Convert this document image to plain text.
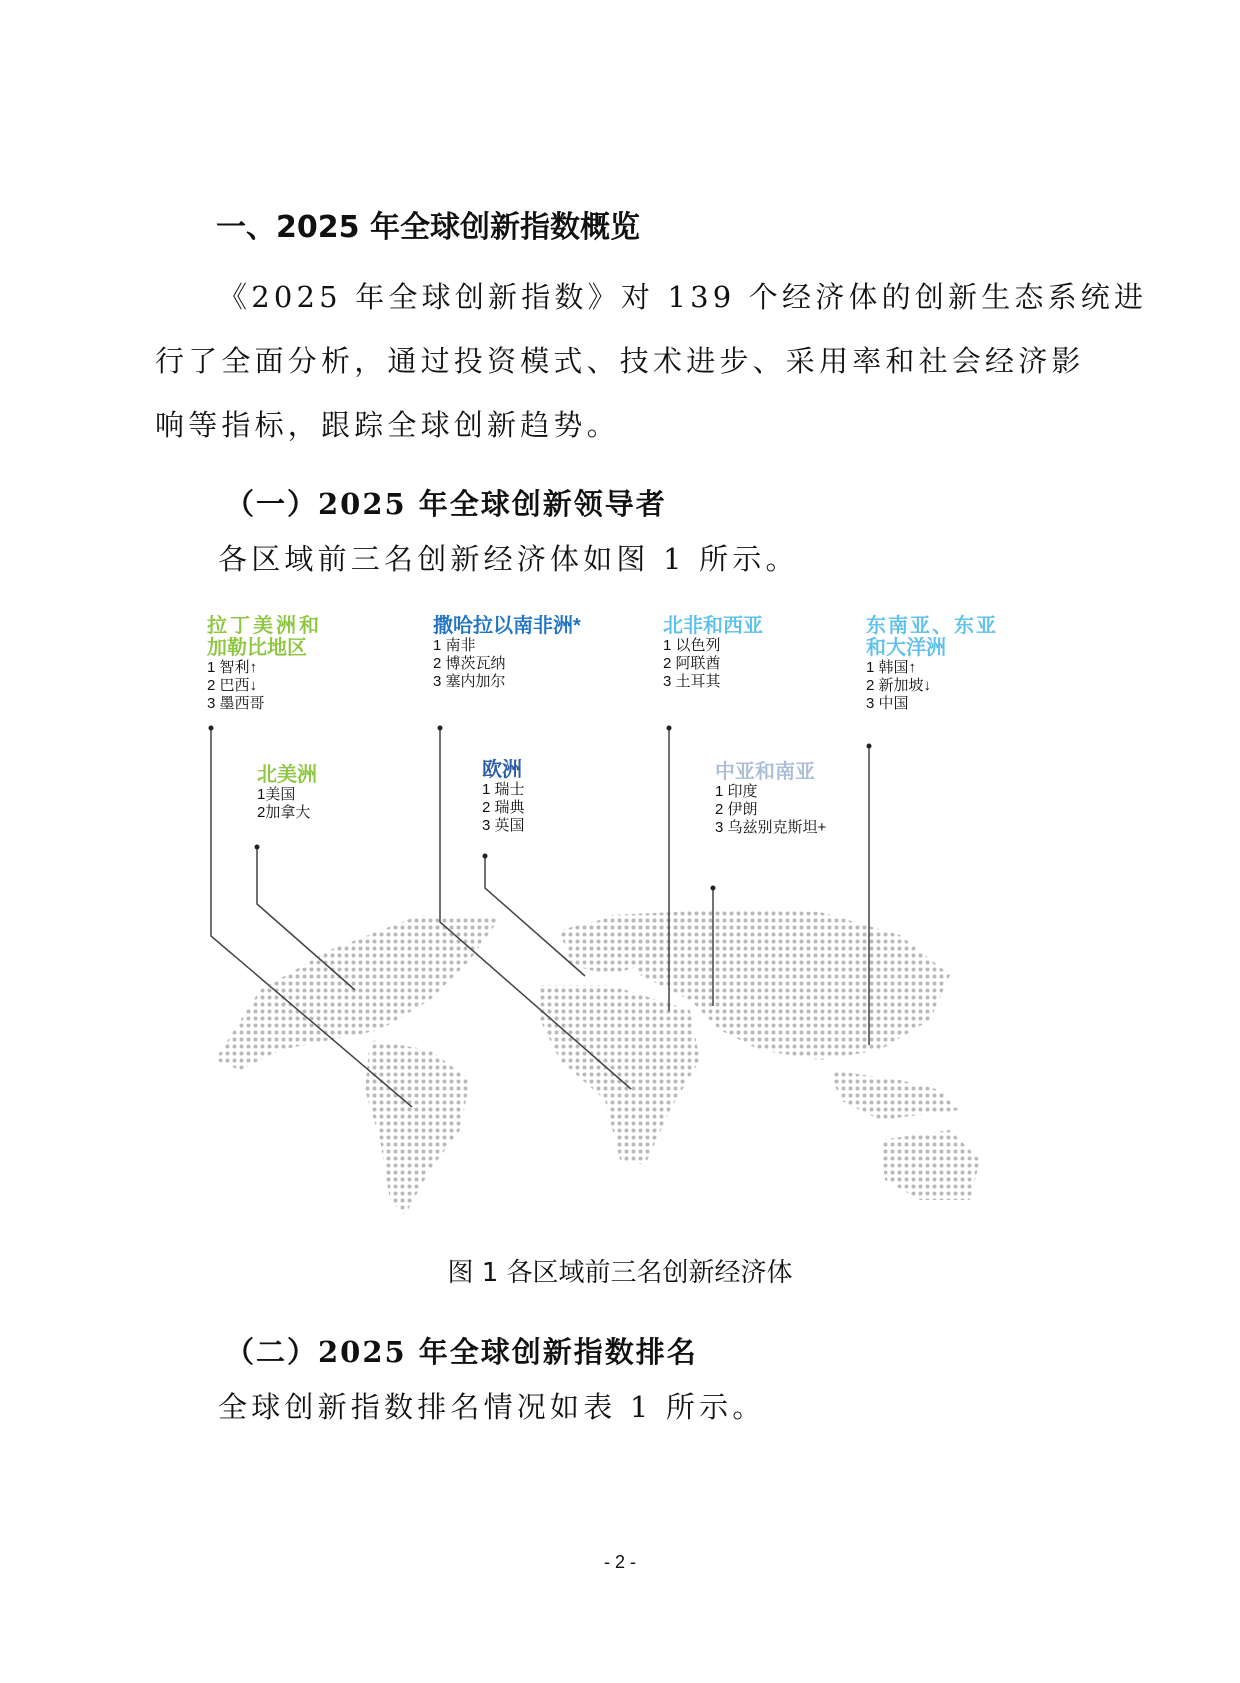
一、2025 年全球创新指数概览
《2025 年全球创新指数》对 139 个经济体的创新生态系统进
行了全面分析，通过投资模式、技术进步、采用率和社会经济影
响等指标，跟踪全球创新趋势。
（一）2025 年全球创新领导者
各区域前三名创新经济体如图 1 所示。
拉丁美洲和
加勒比地区
1 智利↑
2 巴西↓
3 墨西哥
撒哈拉以南非洲*
1 南非
2 博茨瓦纳
3 塞内加尔
北非和西亚
1 以色列
2 阿联酋
3 土耳其
东南亚、东亚
和大洋洲
1 韩国↑
2 新加坡↓
3 中国
北美洲
1美国
2加拿大
欧洲
1 瑞士
2 瑞典
3 英国
中亚和南亚
1 印度
2 伊朗
3 乌兹别克斯坦+
图 1 各区域前三名创新经济体
（二）2025 年全球创新指数排名
全球创新指数排名情况如表 1 所示。
- 2 -
